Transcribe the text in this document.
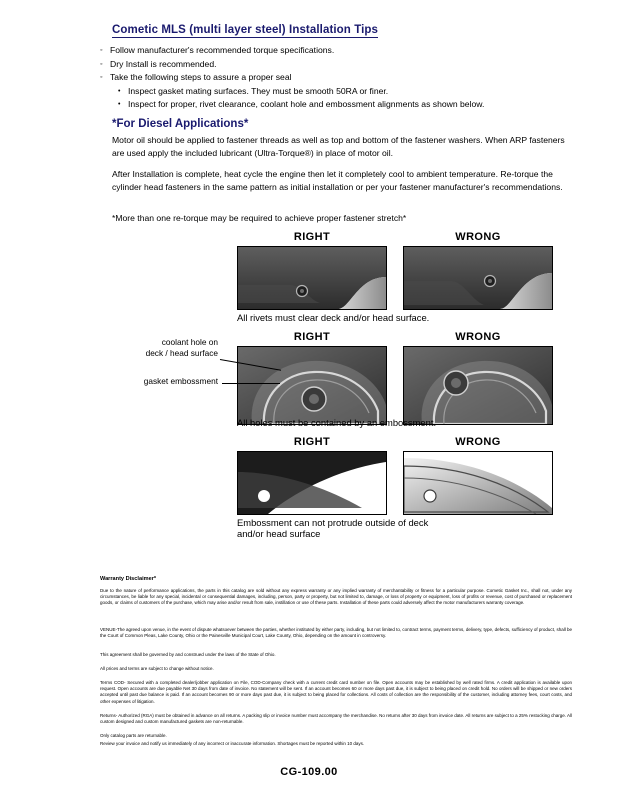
Cometic MLS (multi layer steel) Installation Tips
◦ Follow manufacturer's recommended torque specifications.
◦ Dry Install is recommended.
◦ Take the following steps to assure a proper seal
• Inspect gasket mating surfaces. They must be smooth 50RA or finer.
• Inspect for proper, rivet clearance, coolant hole and embossment alignments as shown below.
*For Diesel Applications*
Motor oil should be applied to fastener threads as well as top and bottom of the fastener washers. When ARP fasteners are used apply the included lubricant (Ultra-Torque®) in place of motor oil.
After Installation is complete, heat cycle the engine then let it completely cool to ambient temperature. Re-torque the cylinder head fasteners in the same pattern as initial installation or per your fastener manufacturer's recommendations.
*More than one re-torque may be required to achieve proper fastener stretch*
RIGHT	WRONG
All rivets must clear deck and/or head surface.
RIGHT	WRONG
coolant hole on
deck / head surface
gasket embossment
All holes must be contained by an embossment.
RIGHT	WRONG
Embossment can not protrude outside of deck
and/or head surface
Warranty Disclaimer*
Due to the nature of performance applications, the parts in this catalog are sold without any express warranty or any implied warranty of merchantability or fitness for a particular purpose. Cometic Gasket Inc., shall not, under any circumstances, be liable for any special, incidental or consequential damages, including, person, party or property, but not limited to, damage, or loss of property or equipment, loss of profits or revenue, cost of purchased or replacement goods, or claims of customers of the purchase, which may arise and/or result from sale, instillation or use of these parts. Installation of these parts could adversely affect the motor manufacturers warranty coverage.
VENUE-The agreed upon venue, in the event of dispute whatsoever between the parties, whether instituted by either party, including, but not limited to, contract terms, payment terms, delivery, type, defects, sufficiency of product, shall be the Court of Common Pleas, Lake County, Ohio or the Painesville Municipal Court, Lake County, Ohio, depending on the amount in controversy.
This agreement shall be governed by and construed under the laws of the State of Ohio.
All prices and terms are subject to change without notice.
Terms COD- Secured with a completed dealer/jobber application on File, COD-Company check with a current credit card number on file. Open accounts may be established by well rated firms. A credit application is available upon request. Open accounts are due payable Net 30 days from date of invoice. No statement will be sent. If an account becomes 60 or more days past due, it is subject to being placed on credit hold. No orders will be shipped or new orders accepted until past due balance is paid. If an account becomes 90 or more days past due, it is subject to being placed for collections. All costs of collection are the responsibility of the customer, including attorney fees, court costs, and other expenses of litigation.
Returns- Authorized (RGA) must be obtained in advance on all returns. A packing slip or invoice number must accompany the merchandise. No returns after 30 days from invoice date. All returns are subject to a 25% restocking charge. All custom designed and custom manufactured gaskets are non-returnable.
Only catalog parts are returnable.
Review your invoice and notify us immediately of any incorrect or inaccurate information. Shortages must be reported within 10 days.
CG-109.00
